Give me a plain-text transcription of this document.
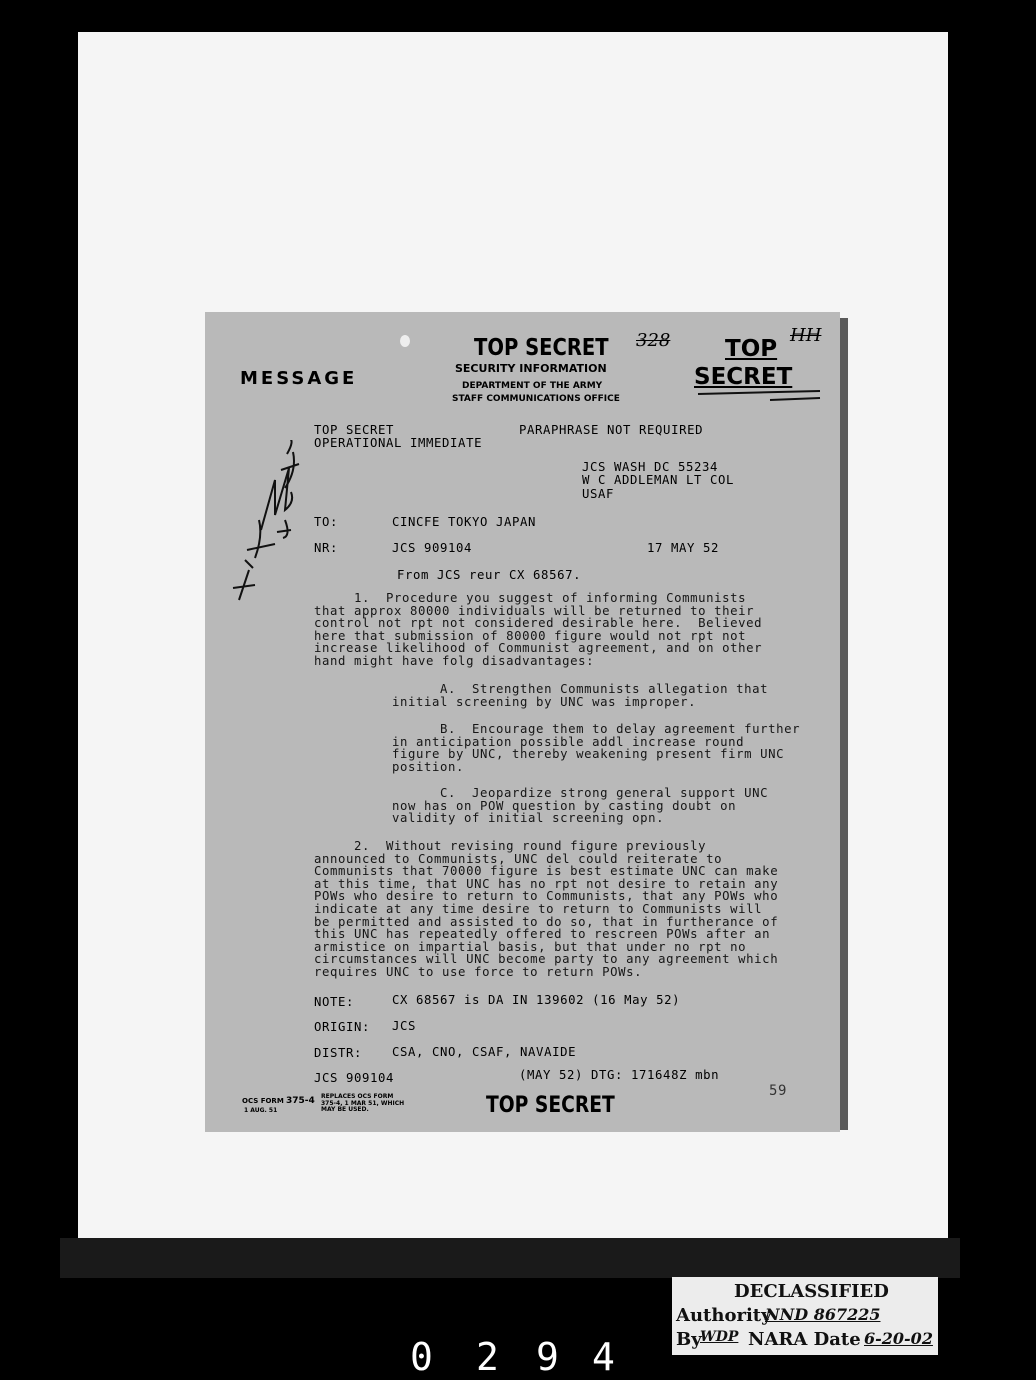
MESSAGE
TOP SECRET
SECURITY INFORMATION
DEPARTMENT OF THE ARMY
STAFF COMMUNICATIONS OFFICE
328	HH
TOP
SECRET
TOP SECRET
OPERATIONAL IMMEDIATE
PARAPHRASE NOT REQUIRED
JCS WASH DC 55234
W C ADDLEMAN LT COL
USAF
TO:	CINCFE TOKYO JAPAN
NR:	JCS 909104	17 MAY 52
From JCS reur CX 68567.
1.  Procedure you suggest of informing Communists
that approx 80000 individuals will be returned to their
control not rpt not considered desirable here.  Believed
here that submission of 80000 figure would not rpt not
increase likelihood of Communist agreement, and on other
hand might have folg disadvantages:
A.  Strengthen Communists allegation that
initial screening by UNC was improper.
B.  Encourage them to delay agreement further
in anticipation possible addl increase round
figure by UNC, thereby weakening present firm UNC
position.
C.  Jeopardize strong general support UNC
now has on POW question by casting doubt on
validity of initial screening opn.
2.  Without revising round figure previously
announced to Communists, UNC del could reiterate to
Communists that 70000 figure is best estimate UNC can make
at this time, that UNC has no rpt not desire to retain any
POWs who desire to return to Communists, that any POWs who
indicate at any time desire to return to Communists will
be permitted and assisted to do so, that in furtherance of
this UNC has repeatedly offered to rescreen POWs after an
armistice on impartial basis, but that under no rpt no
circumstances will UNC become party to any agreement which
requires UNC to use force to return POWs.
NOTE:	CX 68567 is DA IN 139602 (16 May 52)
ORIGIN: JCS
DISTR: CSA, CNO, CSAF, NAVAIDE
JCS 909104	(MAY 52) DTG: 171648Z mbn
59
OCS FORM 375-4
1 AUG. 51
REPLACES OCS FORM
375-4, 1 MAR 51, WHICH
MAY BE USED.	TOP SECRET
DECLASSIFIED
Authority
NND 867225
By
WDP NARA Date 6-20-02
0 2 9 4
